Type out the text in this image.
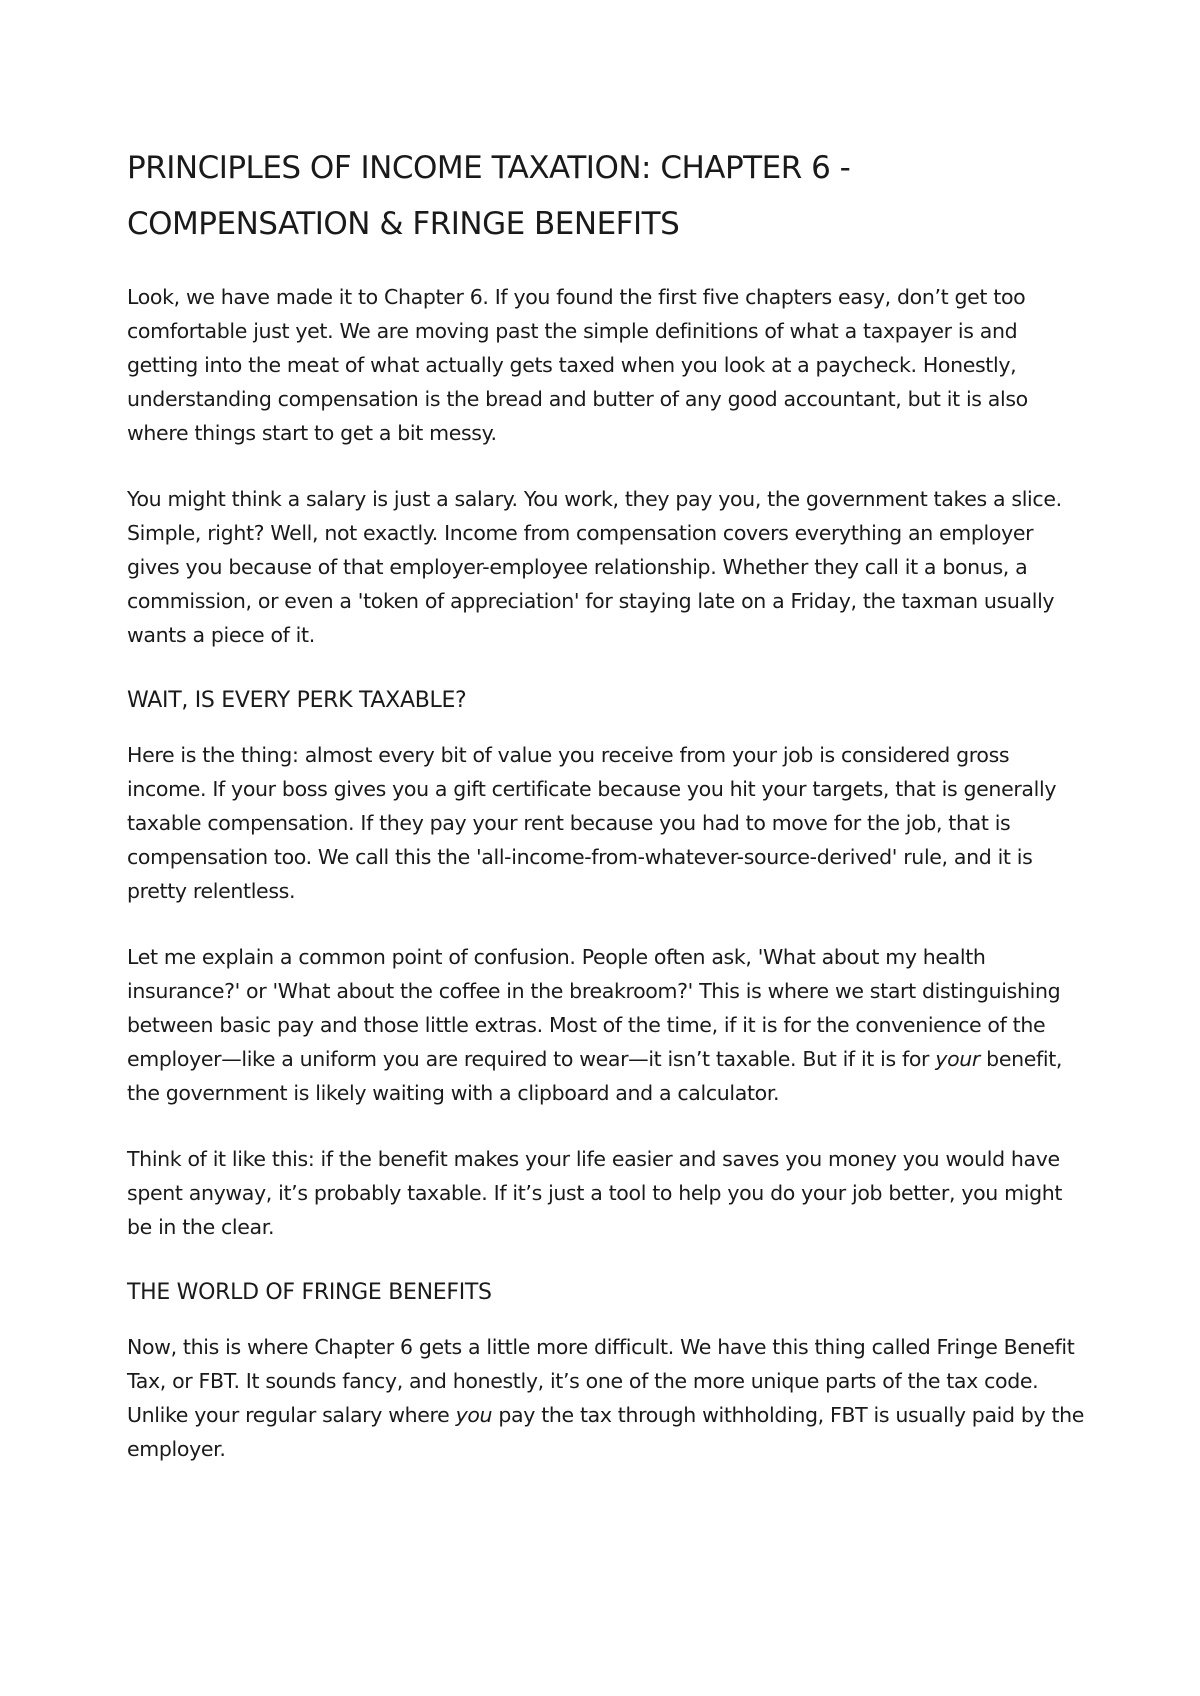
PRINCIPLES OF INCOME TAXATION: CHAPTER 6 - COMPENSATION & FRINGE BENEFITS

Look, we have made it to Chapter 6. If you found the first five chapters easy, don’t get too comfortable just yet. We are moving past the simple definitions of what a taxpayer is and getting into the meat of what actually gets taxed when you look at a paycheck. Honestly, understanding compensation is the bread and butter of any good accountant, but it is also where things start to get a bit messy.

You might think a salary is just a salary. You work, they pay you, the government takes a slice. Simple, right? Well, not exactly. Income from compensation covers everything an employer gives you because of that employer-employee relationship. Whether they call it a bonus, a commission, or even a 'token of appreciation' for staying late on a Friday, the taxman usually wants a piece of it.

WAIT, IS EVERY PERK TAXABLE?

Here is the thing: almost every bit of value you receive from your job is considered gross income. If your boss gives you a gift certificate because you hit your targets, that is generally taxable compensation. If they pay your rent because you had to move for the job, that is compensation too. We call this the 'all-income-from-whatever-source-derived' rule, and it is pretty relentless.

Let me explain a common point of confusion. People often ask, 'What about my health insurance?' or 'What about the coffee in the breakroom?' This is where we start distinguishing between basic pay and those little extras. Most of the time, if it is for the convenience of the employer—like a uniform you are required to wear—it isn’t taxable. But if it is for your benefit, the government is likely waiting with a clipboard and a calculator.

Think of it like this: if the benefit makes your life easier and saves you money you would have spent anyway, it’s probably taxable. If it’s just a tool to help you do your job better, you might be in the clear.

THE WORLD OF FRINGE BENEFITS

Now, this is where Chapter 6 gets a little more difficult. We have this thing called Fringe Benefit Tax, or FBT. It sounds fancy, and honestly, it’s one of the more unique parts of the tax code. Unlike your regular salary where you pay the tax through withholding, FBT is usually paid by the employer.
